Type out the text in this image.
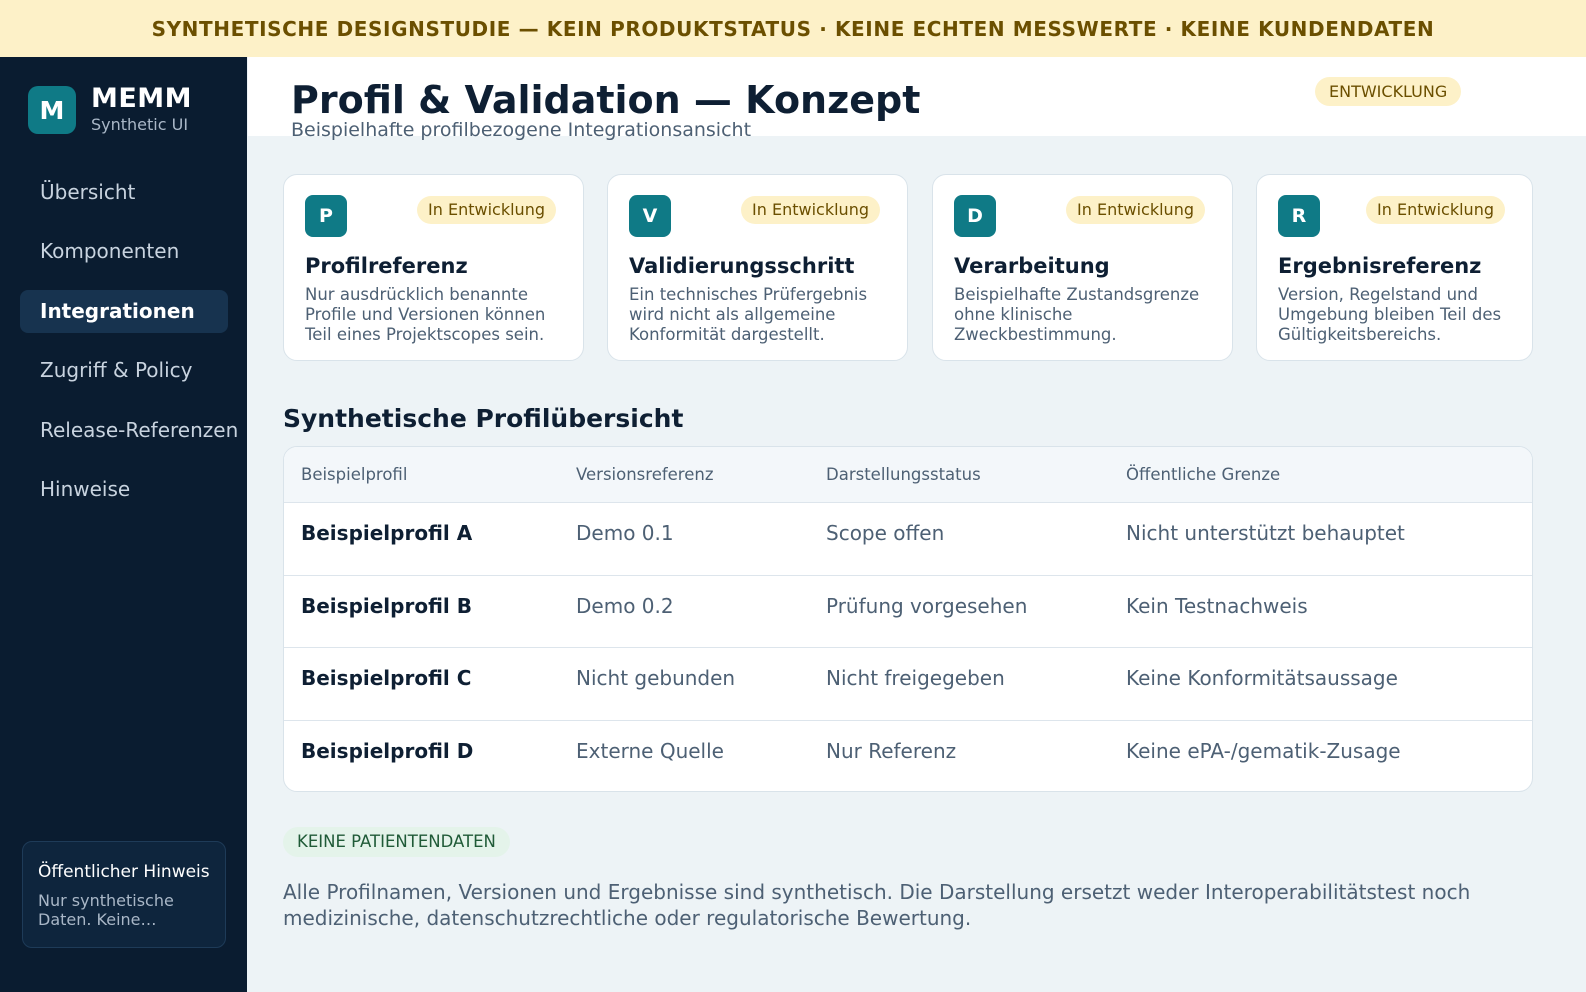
SYNTHETISCHE DESIGNSTUDIE — KEIN PRODUKTSTATUS · KEINE ECHTEN MESSWERTE · KEINE KUNDENDATEN
M MEMM
Synthetic UI
Übersicht
Komponenten
Integrationen
Zugriff & Policy
Release-Referenzen
Hinweise
Öffentlicher Hinweis
Nur synthetische Daten. Keine…
Profil & Validation — Konzept
Beispielhafte profilbezogene Integrationsansicht
ENTWICKLUNG
P	In Entwicklung
Profilreferenz
Nur ausdrücklich benannte Profile und Versionen können Teil eines Projektscopes sein.
V	In Entwicklung
Validierungsschritt
Ein technisches Prüfergebnis wird nicht als allgemeine Konformität dargestellt.
D	In Entwicklung
Verarbeitung
Beispielhafte Zustandsgrenze ohne klinische Zweckbestimmung.
R	In Entwicklung
Ergebnisreferenz
Version, Regelstand und Umgebung bleiben Teil des Gültigkeitsbereichs.
Synthetische Profilübersicht
Beispielprofil	Versionsreferenz	Darstellungsstatus	Öffentliche Grenze
Beispielprofil A	Demo 0.1	Scope offen	Nicht unterstützt behauptet
Beispielprofil B	Demo 0.2	Prüfung vorgesehen	Kein Testnachweis
Beispielprofil C	Nicht gebunden	Nicht freigegeben	Keine Konformitätsaussage
Beispielprofil D	Externe Quelle	Nur Referenz	Keine ePA-/gematik-Zusage
KEINE PATIENTENDATEN

Alle Profilnamen, Versionen und Ergebnisse sind synthetisch. Die Darstellung ersetzt weder Interoperabilitätstest noch medizinische, datenschutzrechtliche oder regulatorische Bewertung.
